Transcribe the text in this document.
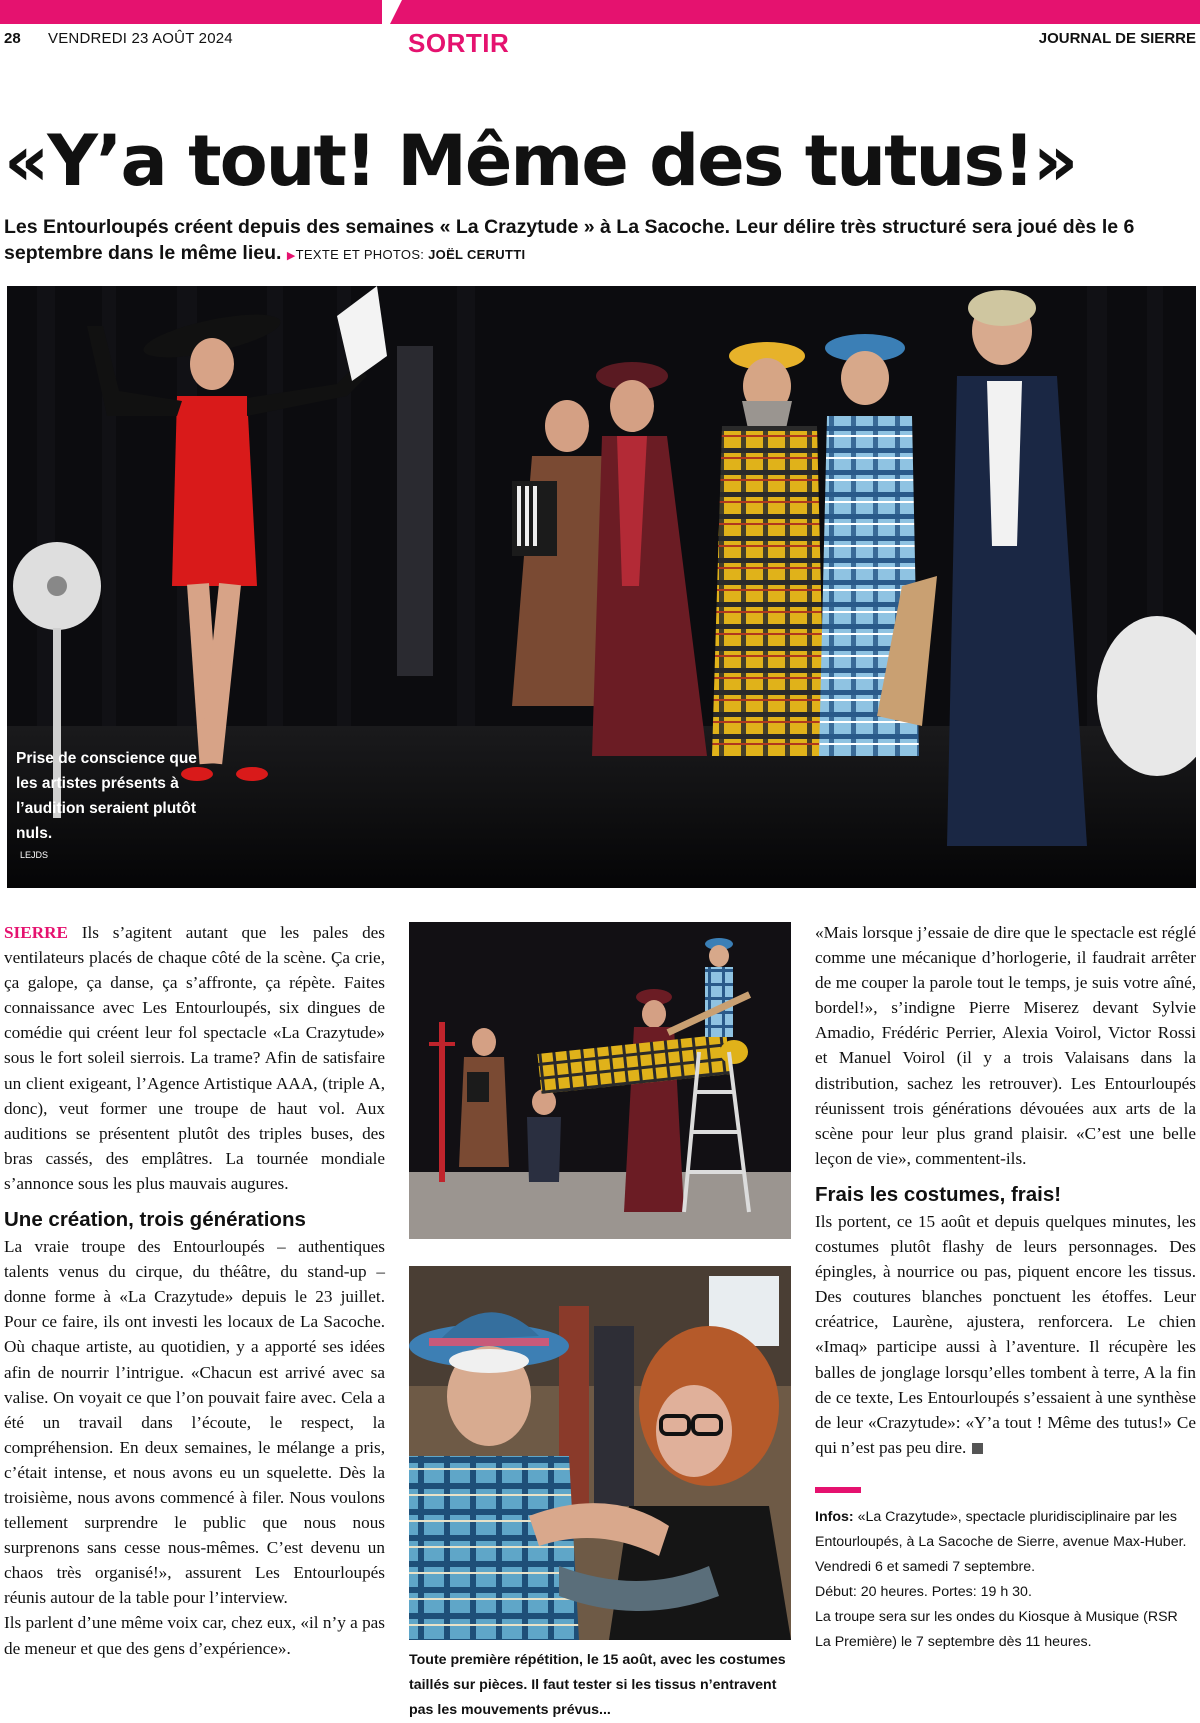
28 VENDREDI 23 AOÛT 2024	SORTIR	JOURNAL DE SIERRE
«Y’a tout! Même des tutus!»
Les Entourloupés créent depuis des semaines « La Crazytude » à La Sacoche. Leur délire très structuré sera joué dès le 6 septembre dans le même lieu. ▶TEXTE ET PHOTOS: JOËL CERUTTI
Prise de conscience que les artistes présents à l’audition seraient plutôt nuls.
LEJDS

SIERRE Ils s’agitent autant que les pales des ventilateurs placés de chaque côté de la scène. Ça crie, ça galope, ça danse, ça s’affronte, ça répète. Faites connaissance avec Les Entourloupés, six dingues de comédie qui créent leur fol spectacle «La Crazytude» sous le fort soleil sierrois. La trame? Afin de satisfaire un client exigeant, l’Agence Artistique AAA, (triple A, donc), veut former une troupe de haut vol. Aux auditions se présentent plutôt des triples buses, des bras cassés, des emplâtres. La tournée mondiale s’annonce sous les plus mauvais augures.

Une création, trois générations

La vraie troupe des Entourloupés – authentiques talents venus du cirque, du théâtre, du stand-up – donne forme à «La Crazytude» depuis le 23 juillet. Pour ce faire, ils ont investi les locaux de La Sacoche. Où chaque artiste, au quotidien, y a apporté ses idées afin de nourrir l’intrigue. «Chacun est arrivé avec sa valise. On voyait ce que l’on pouvait faire avec. Cela a été un travail dans l’écoute, le respect, la compréhension. En deux semaines, le mélange a pris, c’était intense, et nous avons eu un squelette. Dès la troisième, nous avons commencé à filer. Nous voulons tellement surprendre le public que nous nous surprenons sans cesse nous-mêmes. C’est devenu un chaos très organisé!», assurent Les Entourloupés réunis autour de la table pour l’interview.

Ils parlent d’une même voix car, chez eux, «il n’y a pas de meneur et que des gens d’expérience».

Toute première répétition, le 15 août, avec les costumes taillés sur pièces. Il faut tester si les tissus n’entravent pas les mouvements prévus...

«Mais lorsque j’essaie de dire que le spectacle est réglé comme une mécanique d’horlogerie, il faudrait arrêter de me couper la parole tout le temps, je suis votre aîné, bordel!», s’indigne Pierre Miserez devant Sylvie Amadio, Frédéric Perrier, Alexia Voirol, Victor Rossi et Manuel Voirol (il y a trois Valaisans dans la distribution, sachez les retrouver). Les Entourloupés réunissent trois générations dévouées aux arts de la scène pour leur plus grand plaisir. «C’est une belle leçon de vie», commentent-ils.

Frais les costumes, frais!

Ils portent, ce 15 août et depuis quelques minutes, les costumes plutôt flashy de leurs personnages. Des épingles, à nourrice ou pas, piquent encore les tissus. Des coutures blanches ponctuent les étoffes. Leur créatrice, Laurène, ajustera, renforcera. Le chien «Imaq» participe aussi à l’aventure. Il récupère les balles de jonglage lorsqu’elles tombent à terre, A la fin de ce texte, Les Entourloupés s’essaient à une synthèse de leur «Crazytude»: «Y’a tout ! Même des tutus!» Ce qui n’est pas peu dire.

Infos: «La Crazytude», spectacle pluridisciplinaire par les Entourloupés, à La Sacoche de Sierre, avenue Max-Huber. Vendredi 6 et samedi 7 septembre.
Début: 20 heures. Portes: 19 h 30.
La troupe sera sur les ondes du Kiosque à Musique (RSR La Première) le 7 septembre dès 11 heures.
